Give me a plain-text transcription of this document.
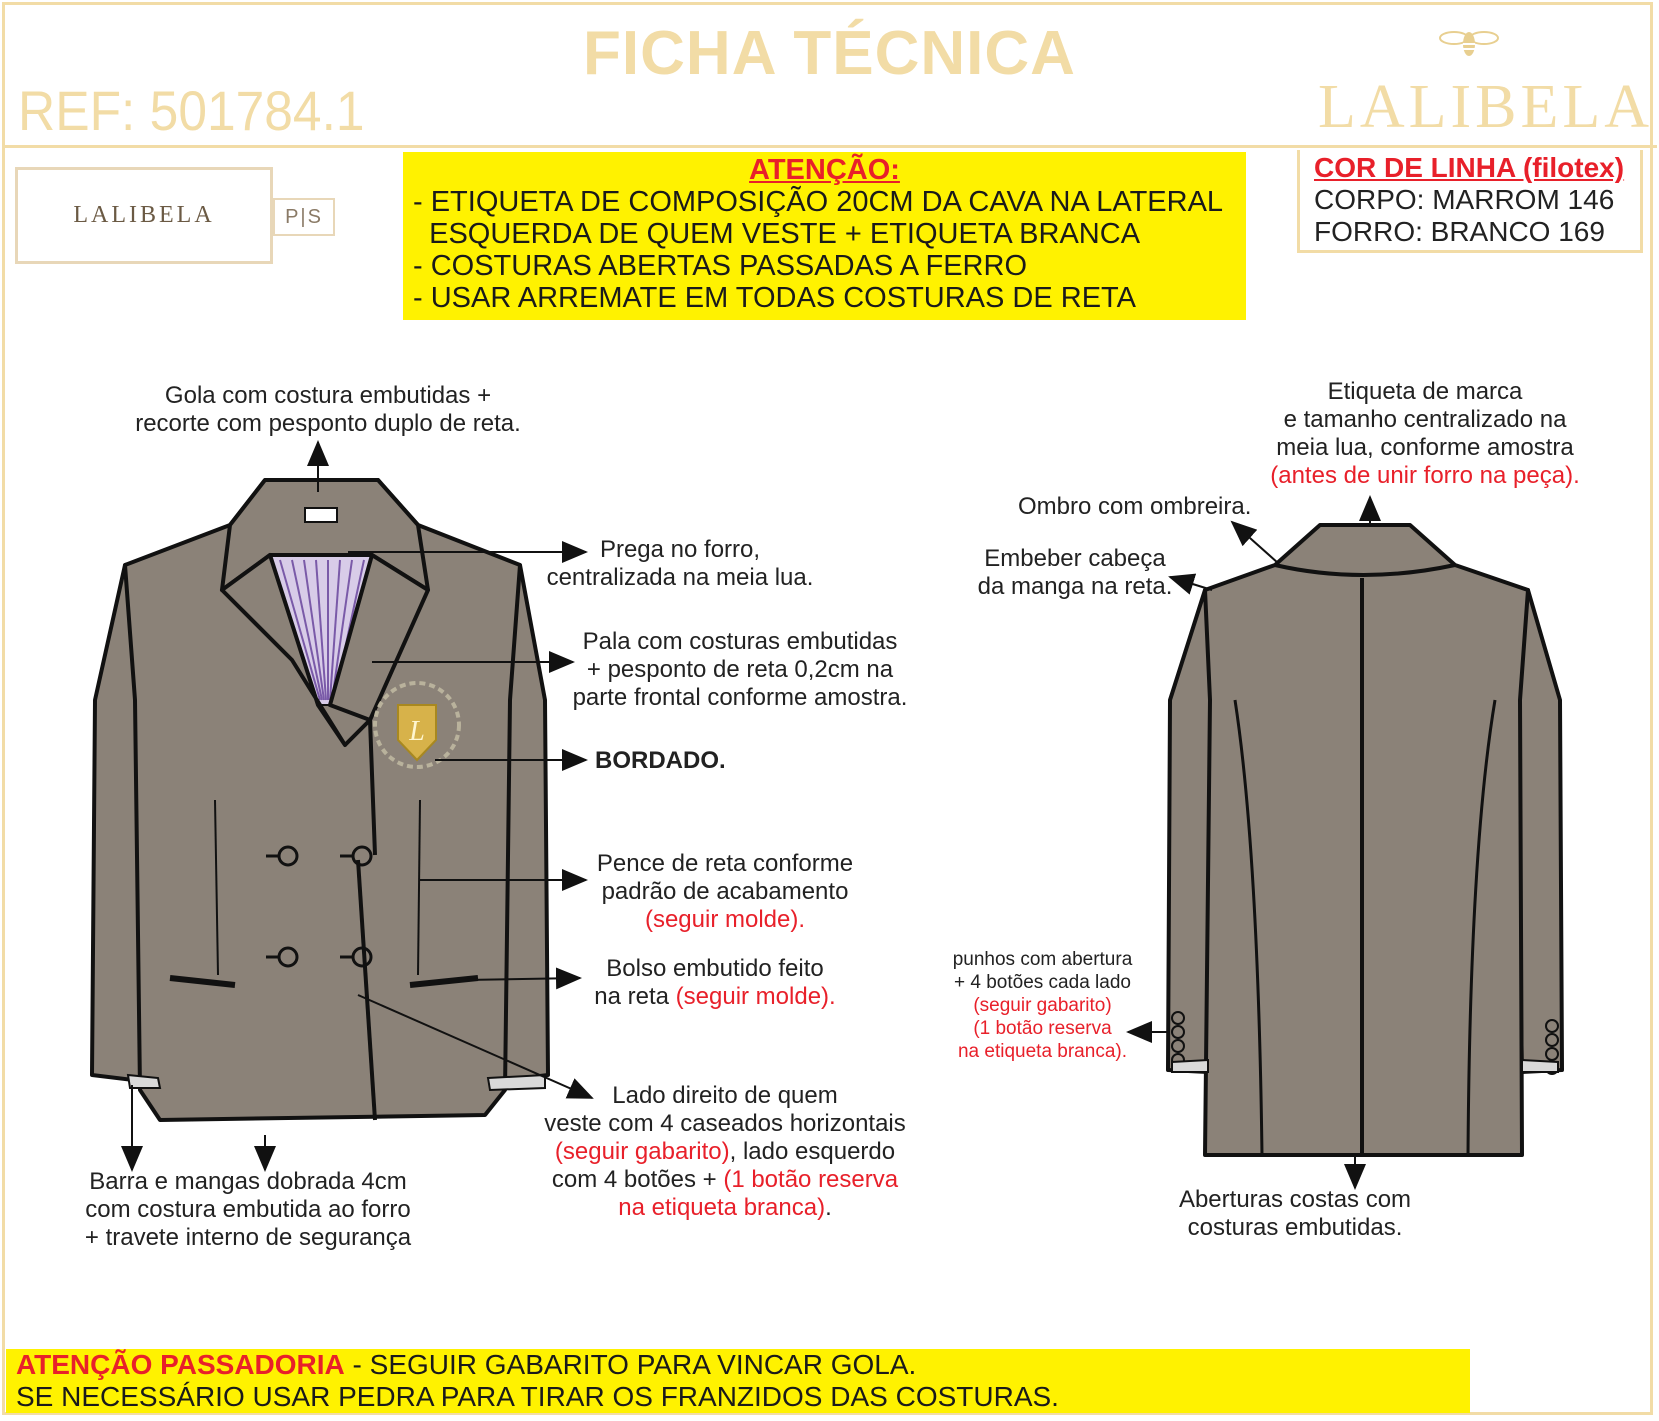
FICHA TÉCNICA
REF: 501784.1	LALIBELA
LALIBELA	P|S
ATENÇÃO:
- ETIQUETA DE COMPOSIÇÃO 20CM DA CAVA NA LATERAL
ESQUERDA DE QUEM VESTE + ETIQUETA BRANCA
- COSTURAS ABERTAS PASSADAS A FERRO
- USAR ARREMATE EM TODAS COSTURAS DE RETA
COR DE LINHA (filotex)
CORPO: MARROM 146
FORRO: BRANCO 169
L
Gola com costura embutidas +
recorte com pesponto duplo de reta.
Prega no forro,
centralizada na meia lua.
Pala com costuras embutidas
+ pesponto de reta 0,2cm na
parte frontal conforme amostra.
BORDADO.
Pence de reta conforme
padrão de acabamento
(seguir molde).
Bolso embutido feito
na reta (seguir molde).
Lado direito de quem
veste com 4 caseados horizontais
(seguir gabarito), lado esquerdo
com 4 botões + (1 botão reserva
na etiqueta branca).
Barra e mangas dobrada 4cm
com costura embutida ao forro
+ travete interno de segurança
Etiqueta de marca
e tamanho centralizado na
meia lua, conforme amostra
(antes de unir forro na peça).
Ombro com ombreira.
Embeber cabeça
da manga na reta.
punhos com abertura
+ 4 botões cada lado
(seguir gabarito)
(1 botão reserva
na etiqueta branca).
Aberturas costas com
costuras embutidas.
ATENÇÃO PASSADORIA - SEGUIR GABARITO PARA VINCAR GOLA.
SE NECESSÁRIO USAR PEDRA PARA TIRAR OS FRANZIDOS DAS COSTURAS.
